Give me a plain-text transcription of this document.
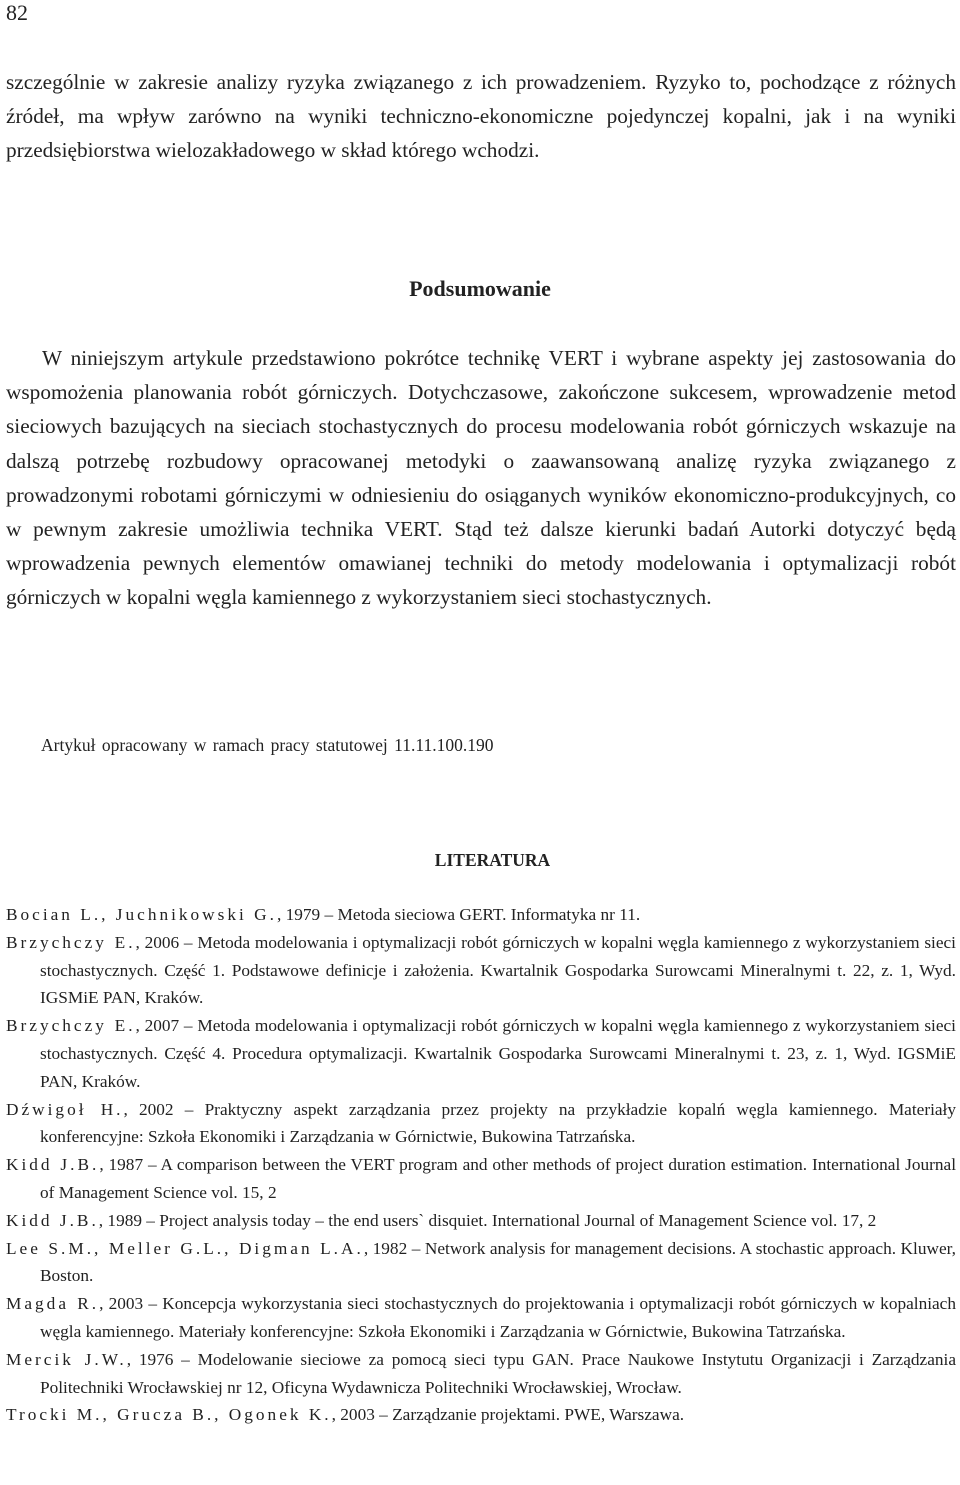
82

szczególnie w zakresie analizy ryzyka związanego z ich prowadzeniem. Ryzyko to, pochodzące z różnych źródeł, ma wpływ zarówno na wyniki techniczno-ekonomiczne pojedynczej kopalni, jak i na wyniki przedsiębiorstwa wielozakładowego w skład którego wchodzi.

Podsumowanie

W niniejszym artykule przedstawiono pokrótce technikę VERT i wybrane aspekty jej zastosowania do wspomożenia planowania robót górniczych. Dotychczasowe, zakończone sukcesem, wprowadzenie metod sieciowych bazujących na sieciach stochastycznych do procesu modelowania robót górniczych wskazuje na dalszą potrzebę rozbudowy opracowanej metodyki o zaawansowaną analizę ryzyka związanego z prowadzonymi robotami górniczymi w odniesieniu do osiąganych wyników ekonomiczno-produkcyjnych, co w pewnym zakresie umożliwia technika VERT. Stąd też dalsze kierunki badań Autorki dotyczyć będą wprowadzenia pewnych elementów omawianej techniki do metody modelowania i optymalizacji robót górniczych w kopalni węgla kamiennego z wykorzystaniem sieci stochastycznych.

Artykuł opracowany w ramach pracy statutowej 11.11.100.190

LITERATURA
Bocian L., Juchnikowski G., 1979 – Metoda sieciowa GERT. Informatyka nr 11.
Brzychczy E., 2006 – Metoda modelowania i optymalizacji robót górniczych w kopalni węgla kamiennego z wykorzystaniem sieci stochastycznych. Część 1. Podstawowe definicje i założenia. Kwartalnik Gospodarka Surowcami Mineralnymi t. 22, z. 1, Wyd. IGSMiE PAN, Kraków.
Brzychczy E., 2007 – Metoda modelowania i optymalizacji robót górniczych w kopalni węgla kamiennego z wykorzystaniem sieci stochastycznych. Część 4. Procedura optymalizacji. Kwartalnik Gospodarka Surowcami Mineralnymi t. 23, z. 1, Wyd. IGSMiE PAN, Kraków.
Dźwigoł H., 2002 – Praktyczny aspekt zarządzania przez projekty na przykładzie kopalń węgla kamiennego. Materiały konferencyjne: Szkoła Ekonomiki i Zarządzania w Górnictwie, Bukowina Tatrzańska.
Kidd J.B., 1987 – A comparison between the VERT program and other methods of project duration estimation. International Journal of Management Science vol. 15, 2
Kidd J.B., 1989 – Project analysis today – the end users` disquiet. International Journal of Management Science vol. 17, 2
Lee S.M., Meller G.L., Digman L.A., 1982 – Network analysis for management decisions. A stochastic approach. Kluwer, Boston.
Magda R., 2003 – Koncepcja wykorzystania sieci stochastycznych do projektowania i optymalizacji robót górniczych w kopalniach węgla kamiennego. Materiały konferencyjne: Szkoła Ekonomiki i Zarządzania w Górnictwie, Bukowina Tatrzańska.
Mercik J.W., 1976 – Modelowanie sieciowe za pomocą sieci typu GAN. Prace Naukowe Instytutu Organizacji i Zarządzania Politechniki Wrocławskiej nr 12, Oficyna Wydawnicza Politechniki Wrocławskiej, Wrocław.
Trocki M., Grucza B., Ogonek K., 2003 – Zarządzanie projektami. PWE, Warszawa.
